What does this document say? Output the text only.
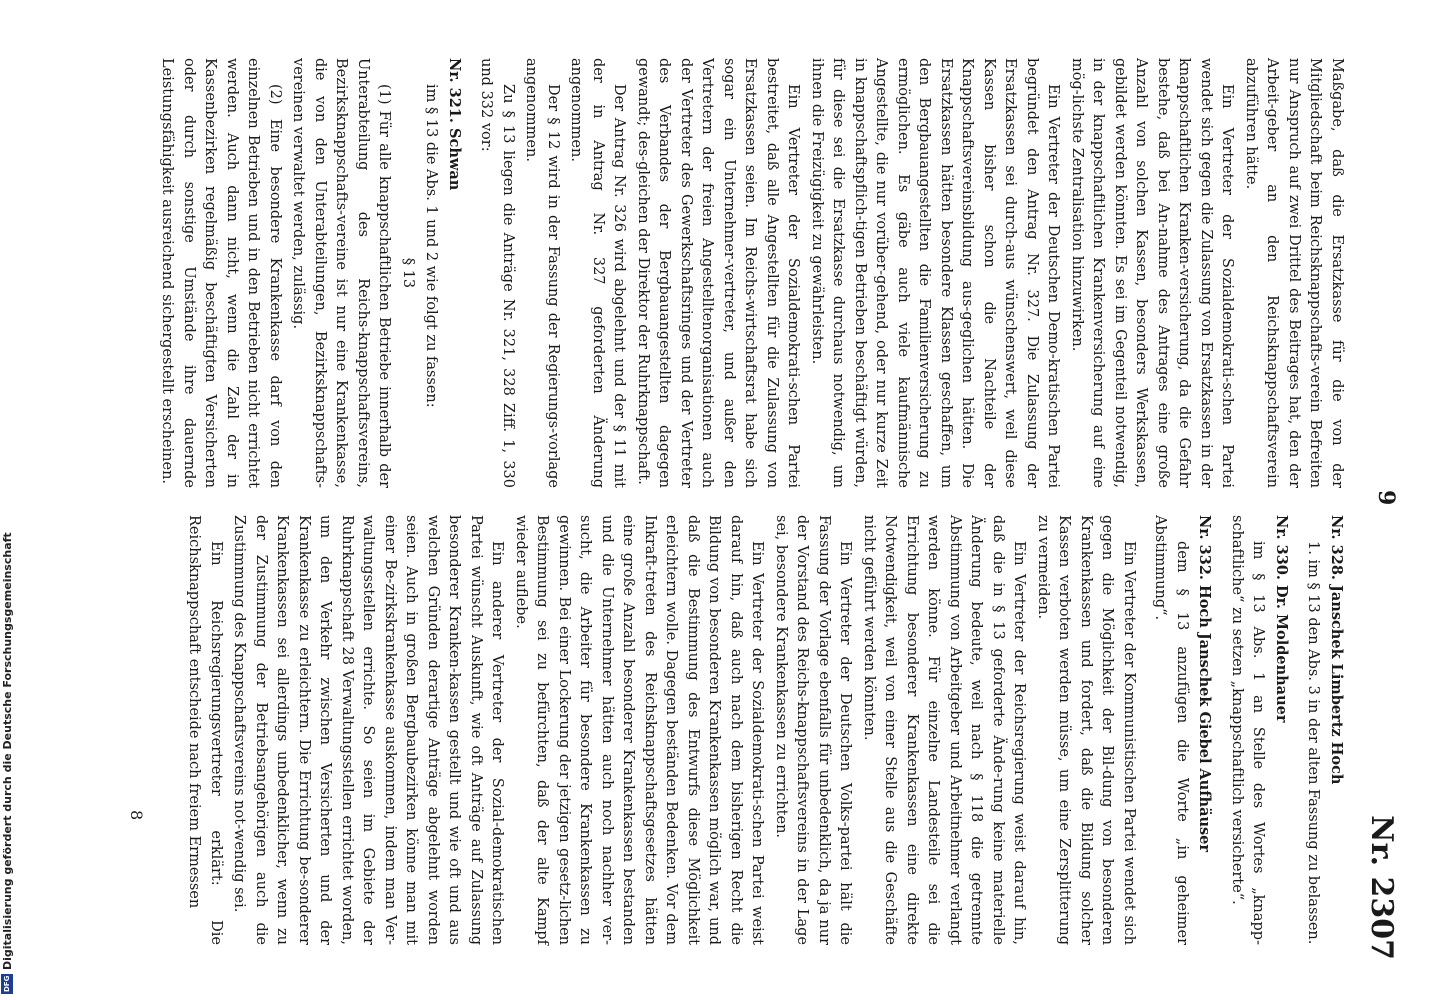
Digitalisierung gefördert durch die Deutsche Forschungsgemeinschaft
DFG
Nr. 2307
9

Maßgabe, daß die Ersatzkasse für die von der Mitgliedschaft beim Reichsknappschafts-verein Befreiten nur Anspruch auf zwei Drittel des Beitrages hat, den der Arbeit-geber an den Reichsknappschaftsverein abzuführen hätte.

Ein Vertreter der Sozialdemokrati-schen Partei wendet sich gegen die Zulassung von Ersatzkassen in der knappschaftlichen Kranken-versicherung, da die Gefahr bestehe, daß bei An-nahme des Antrages eine große Anzahl von solchen Kassen, besonders Werkskassen, gebildet werden könnten. Es sei im Gegenteil notwendig, in der knappschaftlichen Krankenversicherung auf eine mög-lichste Zentralisation hinzuwirken.

Ein Vertreter der Deutschen Demo-kratischen Partei begründet den Antrag Nr. 327. Die Zulassung der Ersatzkassen sei durch-aus wünschenswert, weil diese Kassen bisher schon die Nachteile der Knappschaftsvereinsbildung aus-geglichen hätten. Die Ersatzkassen hätten besondere Klassen geschaffen, um den Bergbauangestellten die Familienversicherung zu ermöglichen. Es gäbe auch viele kaufmännische Angestellte, die nur vorüber-gehend, oder nur kurze Zeit in knappschaftspflich-tigen Betrieben beschäftigt würden, für diese sei die Ersatzkasse durchaus notwendig, um ihnen die Freizügigkeit zu gewährleisten.

Ein Vertreter der Sozialdemokrati-schen Partei bestreitet, daß alle Angestellten für die Zulassung von Ersatzkassen seien. Im Reichs-wirtschaftsrat habe sich sogar ein Unternehmer-vertreter, und außer den Vertretern der freien Angestelltenorganisationen auch der Vertreter des Gewerkschaftsringes und der Vertreter des Verbandes der Bergbauangestellten dagegen gewandt; des-gleichen der Direktor der Ruhrknappschaft.

Der Antrag Nr. 326 wird abgelehnt und der § 11 mit der in Antrag Nr. 327 geforderten Änderung angenommen.

Der § 12 wird in der Fassung der Regierungs-vorlage angenommen.

Zu § 13 liegen die Anträge Nr. 321, 328 Ziff. 1, 330 und 332 vor:

Nr. 321. Schwan

im § 13 die Abs. 1 und 2 wie folgt zu fassen:

§ 13

(1) Für alle knappschaftlichen Betriebe innerhalb der Unterabteilung des Reichs-knappschaftsvereins, Bezirksknappschafts-vereine ist nur eine Krankenkasse, die von den Unterabteilungen, Bezirksknappschafts-vereinen verwaltet werden, zulässig.

(2) Eine besondere Krankenkasse darf von den einzelnen Betrieben und in den Betrieben nicht errichtet werden. Auch dann nicht, wenn die Zahl der in Kassenbezirken regelmäßig beschäftigten Versicherten oder durch sonstige Umstände ihre dauernde Leistungsfähigkeit ausreichend sichergestellt erscheinen.

Nr. 328. Janschek Limbertz Hoch

1. im § 13 den Abs. 3 in der alten Fassung zu belassen.

Nr. 330. Dr. Moldenhauer

im § 13 Abs. 1 an Stelle des Wortes „knapp-schaftliche“ zu setzen „knappschaftlich versicherte“.

Nr. 332. Hoch Janschek Giebel Aufhäuser

dem § 13 anzufügen die Worte „in geheimer Abstimmung“.

Ein Vertreter der Kommunistischen Partei wendet sich gegen die Möglichkeit der Bil-dung von besonderen Krankenkassen und fordert, daß die Bildung solcher Kassen verboten werden müsse, um eine Zersplitterung zu vermeiden.

Ein Vertreter der Reichsregierung weist darauf hin, daß die in § 13 geforderte Ände-rung keine materielle Änderung bedeute, weil nach § 118 die getrennte Abstimmung von Arbeitgeber und Arbeitnehmer verlangt werden könne. Für einzelne Landesteile sei die Errichtung besonderer Krankenkassen eine direkte Notwendigkeit, weil von einer Stelle aus die Geschäfte nicht geführt werden könnten.

Ein Vertreter der Deutschen Volks-partei hält die Fassung der Vorlage ebenfalls für unbedenklich, da ja nur der Vorstand des Reichs-knappschaftsvereins in der Lage sei, besondere Krankenkassen zu errichten.

Ein Vertreter der Sozialdemokrati-schen Partei weist darauf hin, daß auch nach dem bisherigen Recht die Bildung von besonderen Krankenkassen möglich war, und daß die Bestimmung des Entwurfs diese Möglichkeit erleichtern wolle. Dagegen beständen Bedenken. Vor dem Inkraft-treten des Reichsknappschaftsgesetzes hätten eine große Anzahl besonderer Krankenkassen bestanden und die Unternehmer hätten auch noch nachher ver-sucht, die Arbeiter für besondere Krankenkassen zu gewinnen. Bei einer Lockerung der jetzigen gesetz-lichen Bestimmung sei zu befürchten, daß der alte Kampf wieder auflebe.

Ein anderer Vertreter der Sozial-demokratischen Partei wünscht Auskunft, wie oft Anträge auf Zulassung besonderer Kranken-kassen gestellt und wie oft und aus welchen Gründen derartige Anträge abgelehnt worden seien. Auch in großen Bergbaubezirken könne man mit einer Be-zirkskrankenkasse auskommen, indem man Ver-waltungsstellen errichte. So seien im Gebiete der Ruhrknappschaft 28 Verwaltungsstellen errichtet worden, um den Verkehr zwischen Versicherten und der Krankenkasse zu erleichtern. Die Errichtung be-sonderer Krankenkassen sei allerdings unbedenklicher, wenn zu der Zustimmung der Betriebsangehörigen auch die Zustimmung des Knappschaftsvereins not-wendig sei.

Ein Reichsregierungsvertreter erklärt: Die Reichsknappschaft entscheide nach freiem Ermessen

8
